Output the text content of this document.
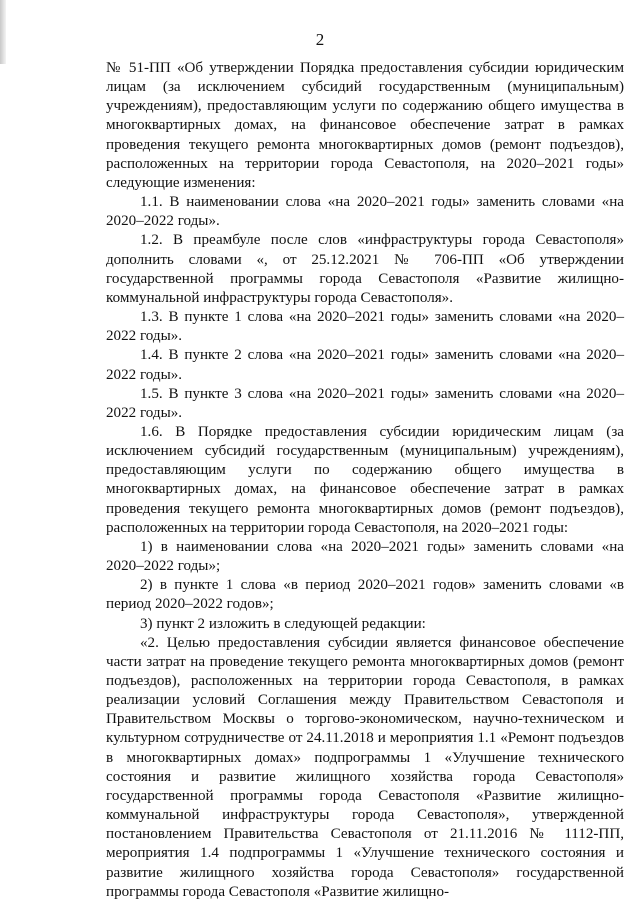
2

№ 51-ПП «Об утверждении Порядка предоставления субсидии юридическим лицам (за исключением субсидий государственным (муниципальным) учреждениям), предоставляющим услуги по содержанию общего имущества в многоквартирных домах, на финансовое обеспечение затрат в рамках проведения текущего ремонта многоквартирных домов (ремонт подъездов), расположенных на территории города Севастополя, на 2020–2021 годы» следующие изменения:

1.1. В наименовании слова «на 2020–2021 годы» заменить словами «на 2020–2022 годы».

1.2. В преамбуле после слов «инфраструктуры города Севастополя» дополнить словами «, от 25.12.2021 № 706-ПП «Об утверждении государственной программы города Севастополя «Развитие жилищно-коммунальной инфраструктуры города Севастополя».

1.3. В пункте 1 слова «на 2020–2021 годы» заменить словами «на 2020–2022 годы».

1.4. В пункте 2 слова «на 2020–2021 годы» заменить словами «на 2020–2022 годы».

1.5. В пункте 3 слова «на 2020–2021 годы» заменить словами «на 2020–2022 годы».

1.6. В Порядке предоставления субсидии юридическим лицам (за исключением субсидий государственным (муниципальным) учреждениям), предоставляющим услуги по содержанию общего имущества в многоквартирных домах, на финансовое обеспечение затрат в рамках проведения текущего ремонта многоквартирных домов (ремонт подъездов), расположенных на территории города Севастополя, на 2020–2021 годы:

1) в наименовании слова «на 2020–2021 годы» заменить словами «на 2020–2022 годы»;

2) в пункте 1 слова «в период 2020–2021 годов» заменить словами «в период 2020–2022 годов»;

3) пункт 2 изложить в следующей редакции:

«2. Целью предоставления субсидии является финансовое обеспечение части затрат на проведение текущего ремонта многоквартирных домов (ремонт подъездов), расположенных на территории города Севастополя, в рамках реализации условий Соглашения между Правительством Севастополя и Правительством Москвы о торгово-экономическом, научно-техническом и культурном сотрудничестве от 24.11.2018 и мероприятия 1.1 «Ремонт подъездов в многоквартирных домах» подпрограммы 1 «Улучшение технического состояния и развитие жилищного хозяйства города Севастополя» государственной программы города Севастополя «Развитие жилищно-коммунальной инфраструктуры города Севастополя», утвержденной постановлением Правительства Севастополя от 21.11.2016 № 1112-ПП, мероприятия 1.4 подпрограммы 1 «Улучшение технического состояния и развитие жилищного хозяйства города Севастополя» государственной программы города Севастополя «Развитие жилищно-
